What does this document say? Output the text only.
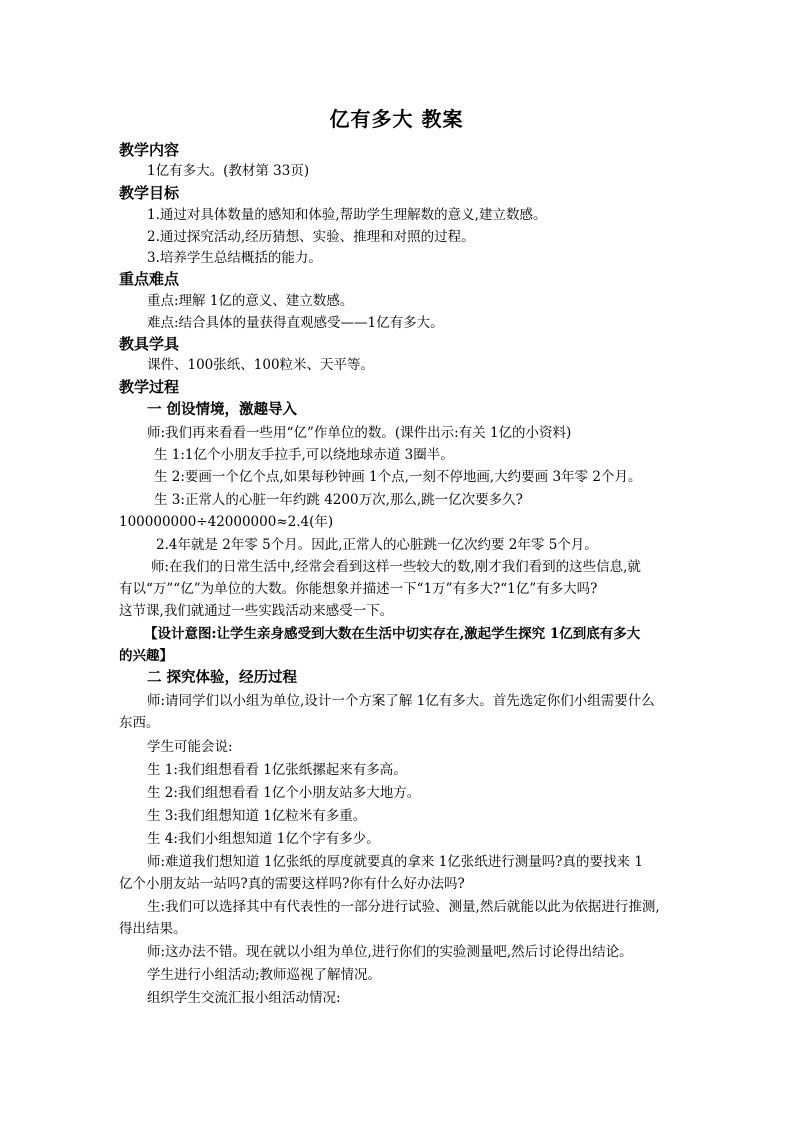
亿有多大 教案
教学内容
1亿有多大。(教材第 33页)
教学目标
1.通过对具体数量的感知和体验,帮助学生理解数的意义,建立数感。
2.通过探究活动,经历猜想、实验、推理和对照的过程。
3.培养学生总结概括的能力。
重点难点
重点:理解 1亿的意义、建立数感。
难点:结合具体的量获得直观感受——1亿有多大。
教具学具
课件、100张纸、100粒米、天平等。
教学过程
一 创设情境，激趣导入
师:我们再来看看一些用“亿”作单位的数。(课件出示:有关 1亿的小资料)
生 1:1亿个小朋友手拉手,可以绕地球赤道 3圈半。
生 2:要画一个亿个点,如果每秒钟画 1个点,一刻不停地画,大约要画 3年零 2个月。
生 3:正常人的心脏一年约跳 4200万次,那么,跳一亿次要多久?
100000000÷42000000≈2.4(年)
2.4年就是 2年零 5个月。因此,正常人的心脏跳一亿次约要 2年零 5个月。
师:在我们的日常生活中,经常会看到这样一些较大的数,刚才我们看到的这些信息,就
有以“万”“亿”为单位的大数。你能想象并描述一下“1万”有多大?“1亿”有多大吗?
这节课,我们就通过一些实践活动来感受一下。
【设计意图:让学生亲身感受到大数在生活中切实存在,激起学生探究 1亿到底有多大
的兴趣】
二 探究体验，经历过程
师:请同学们以小组为单位,设计一个方案了解 1亿有多大。首先选定你们小组需要什么
东西。
学生可能会说:
生 1:我们组想看看 1亿张纸摞起来有多高。
生 2:我们组想看看 1亿个小朋友站多大地方。
生 3:我们组想知道 1亿粒米有多重。
生 4:我们小组想知道 1亿个字有多少。
师:难道我们想知道 1亿张纸的厚度就要真的拿来 1亿张纸进行测量吗?真的要找来 1
亿个小朋友站一站吗?真的需要这样吗?你有什么好办法吗?
生:我们可以选择其中有代表性的一部分进行试验、测量,然后就能以此为依据进行推测,
得出结果。
师:这办法不错。现在就以小组为单位,进行你们的实验测量吧,然后讨论得出结论。
学生进行小组活动;教师巡视了解情况。
组织学生交流汇报小组活动情况:
